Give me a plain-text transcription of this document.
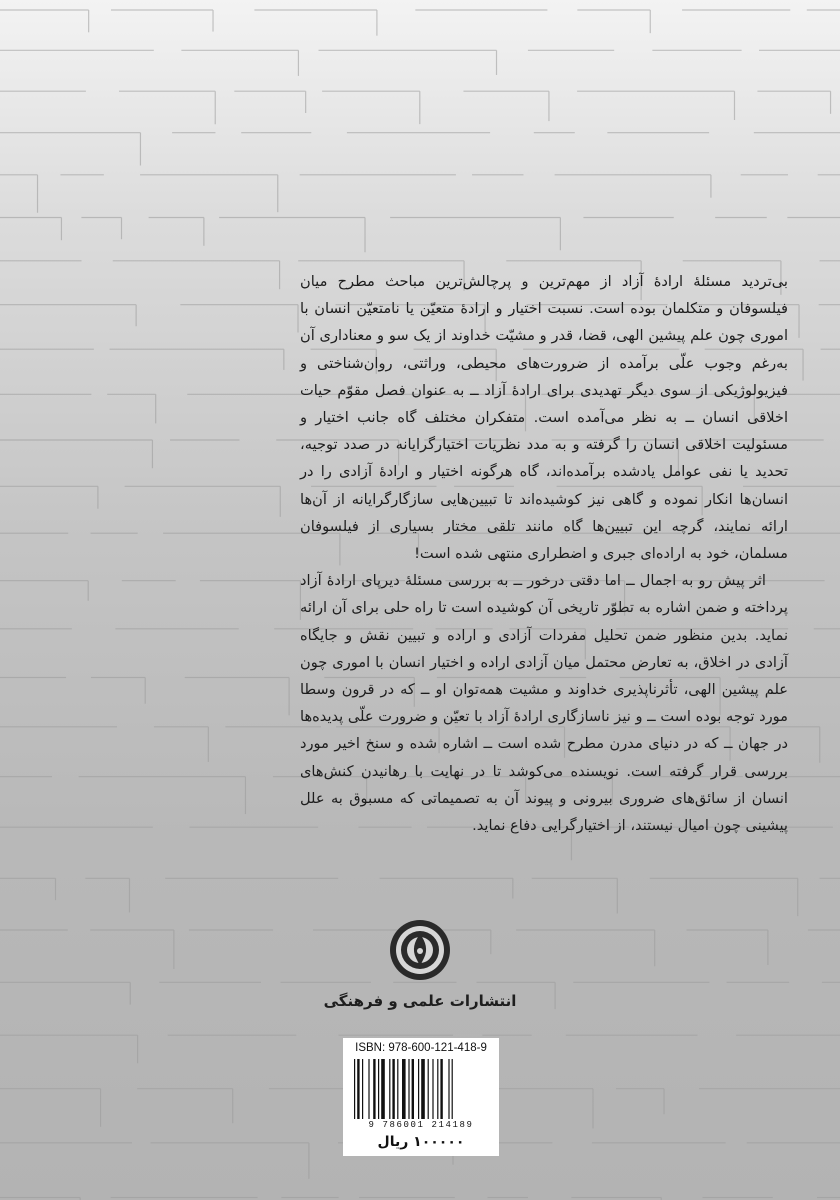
بی‌تردید مسئلهٔ ارادهٔ آزاد از مهم‌ترین و پرچالش‌ترین مباحث مطرح میان فیلسوفان و متکلمان بوده است. نسبت اختیار و ارادهٔ متعیّن یا نامتعیّن انسان با اموری چون علم پیشین الهی، قضا، قدر و مشیّت خداوند از یک سو و معناداری آن به‌رغم وجوب علّی برآمده از ضرورت‌های محیطی، وراثتی، روان‌شناختی و فیزیولوژیکی از سوی دیگر تهدیدی برای ارادهٔ آزاد ــ به عنوان فصل مقوّم حیات اخلاقی انسان ــ به نظر می‌آمده است. متفکران مختلف گاه جانب اختیار و مسئولیت اخلاقی انسان را گرفته و به مدد نظریات اختیارگرایانه در صدد توجیه، تحدید یا نفی عوامل یادشده برآمده‌اند، گاه هرگونه اختیار و ارادهٔ آزادی را در انسان‌ها انکار نموده و گاهی نیز کوشیده‌اند تا تبیین‌هایی سازگارگرایانه از آن‌ها ارائه نمایند، گرچه این تبیین‌ها گاه مانند تلقی مختار بسیاری از فیلسوفان مسلمان، خود به اراده‌ای جبری و اضطراری منتهی شده است!

اثر پیش رو به اجمال ــ اما دقتی درخور ــ به بررسی مسئلهٔ دیرپای ارادهٔ آزاد پرداخته و ضمن اشاره به تطوّر تاریخی آن کوشیده است تا راه حلی برای آن ارائه نماید. بدین منظور ضمن تحلیل مفردات آزادی و اراده و تبیین نقش و جایگاه آزادی در اخلاق، به تعارض محتمل میان آزادی اراده و اختیار انسان با اموری چون علم پیشین الهی، تأثرناپذیری خداوند و مشیت همه‌توان او ــ که در قرون وسطا مورد توجه بوده است ــ و نیز ناسازگاری ارادهٔ آزاد با تعیّن و ضرورت علّی پدیده‌ها در جهان ــ که در دنیای مدرن مطرح شده است ــ اشاره شده و سنخ اخیر مورد بررسی قرار گرفته است. نویسنده می‌کوشد تا در نهایت با رهانیدن کنش‌های انسان از سائق‌های ضروری بیرونی و پیوند آن به تصمیماتی که مسبوق به علل پیشینی چون امیال نیستند، از اختیارگرایی دفاع نماید.

انتشارات علمی و فرهنگی
ISBN: 978-600-121-418-9
9 786001 214189
۱۰۰۰۰۰ ریال
